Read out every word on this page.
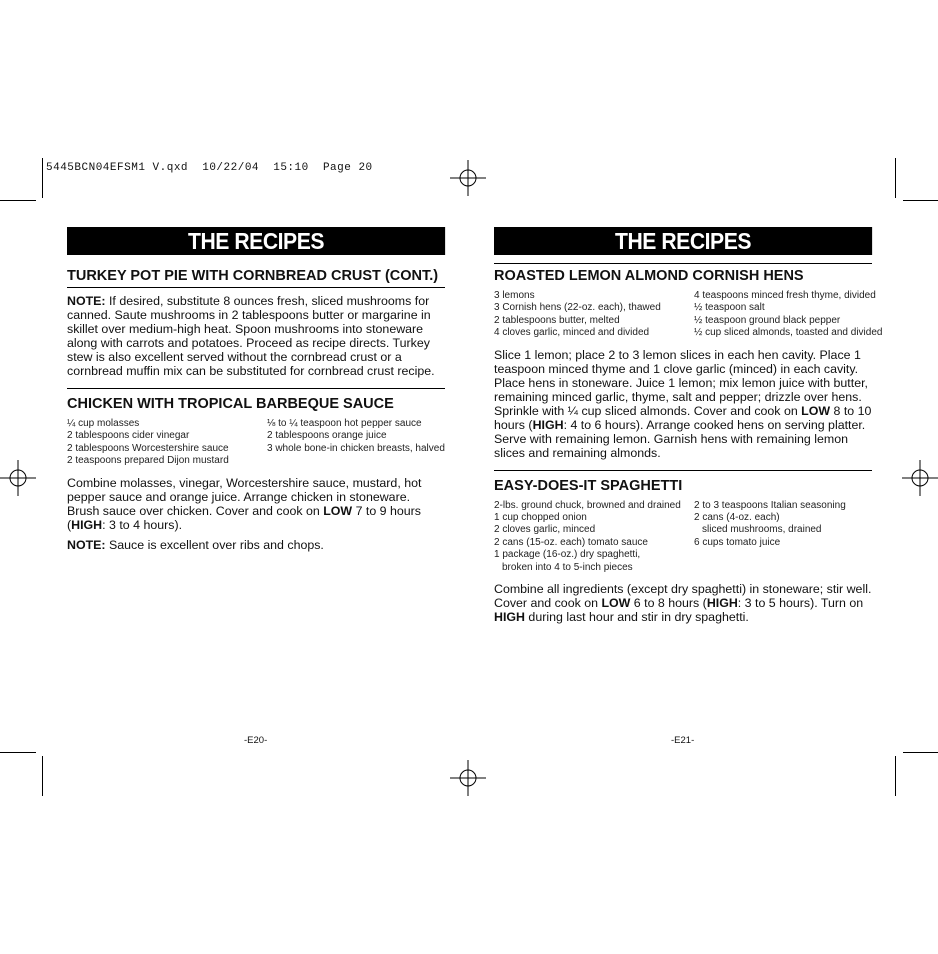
5445BCN04EFSM1 V.qxd  10/22/04  15:10  Page 20
THE RECIPES
TURKEY POT PIE WITH CORNBREAD CRUST (CONT.)
NOTE: If desired, substitute 8 ounces fresh, sliced mushrooms for canned. Saute mushrooms in 2 tablespoons butter or margarine in skillet over medium-high heat. Spoon mushrooms into stoneware along with carrots and potatoes. Proceed as recipe directs. Turkey stew is also excellent served without the cornbread crust or a cornbread muffin mix can be substituted for cornbread crust recipe.
CHICKEN WITH TROPICAL BARBEQUE SAUCE
¼ cup molasses	⅛ to ¼ teaspoon hot pepper sauce
2 tablespoons cider vinegar	2 tablespoons orange juice
2 tablespoons Worcestershire sauce	3 whole bone-in chicken breasts, halved
2 teaspoons prepared Dijon mustard
Combine molasses, vinegar, Worcestershire sauce, mustard, hot pepper sauce and orange juice. Arrange chicken in stoneware. Brush sauce over chicken. Cover and cook on LOW 7 to 9 hours (HIGH: 3 to 4 hours).
NOTE: Sauce is excellent over ribs and chops.
-E20-
THE RECIPES
ROASTED LEMON ALMOND CORNISH HENS
3 lemons	4 teaspoons minced fresh thyme, divided
3 Cornish hens (22-oz. each), thawed	½ teaspoon salt
2 tablespoons butter, melted	½ teaspoon ground black pepper
4 cloves garlic, minced and divided	½ cup sliced almonds, toasted and divided
Slice 1 lemon; place 2 to 3 lemon slices in each hen cavity. Place 1 teaspoon minced thyme and 1 clove garlic (minced) in each cavity. Place hens in stoneware. Juice 1 lemon; mix lemon juice with butter, remaining minced garlic, thyme, salt and pepper; drizzle over hens. Sprinkle with ¼ cup sliced almonds. Cover and cook on LOW 8 to 10 hours (HIGH: 4 to 6 hours). Arrange cooked hens on serving platter. Serve with remaining lemon. Garnish hens with remaining lemon slices and remaining almonds.
EASY-DOES-IT SPAGHETTI
2-lbs. ground chuck, browned and drained	2 to 3 teaspoons Italian seasoning
1 cup chopped onion	2 cans (4-oz. each)
2 cloves garlic, minced	sliced mushrooms, drained
2 cans (15-oz. each) tomato sauce	6 cups tomato juice
1 package (16-oz.) dry spaghetti,
broken into 4 to 5-inch pieces
Combine all ingredients (except dry spaghetti) in stoneware; stir well. Cover and cook on LOW 6 to 8 hours (HIGH: 3 to 5 hours). Turn on HIGH during last hour and stir in dry spaghetti.
-E21-
